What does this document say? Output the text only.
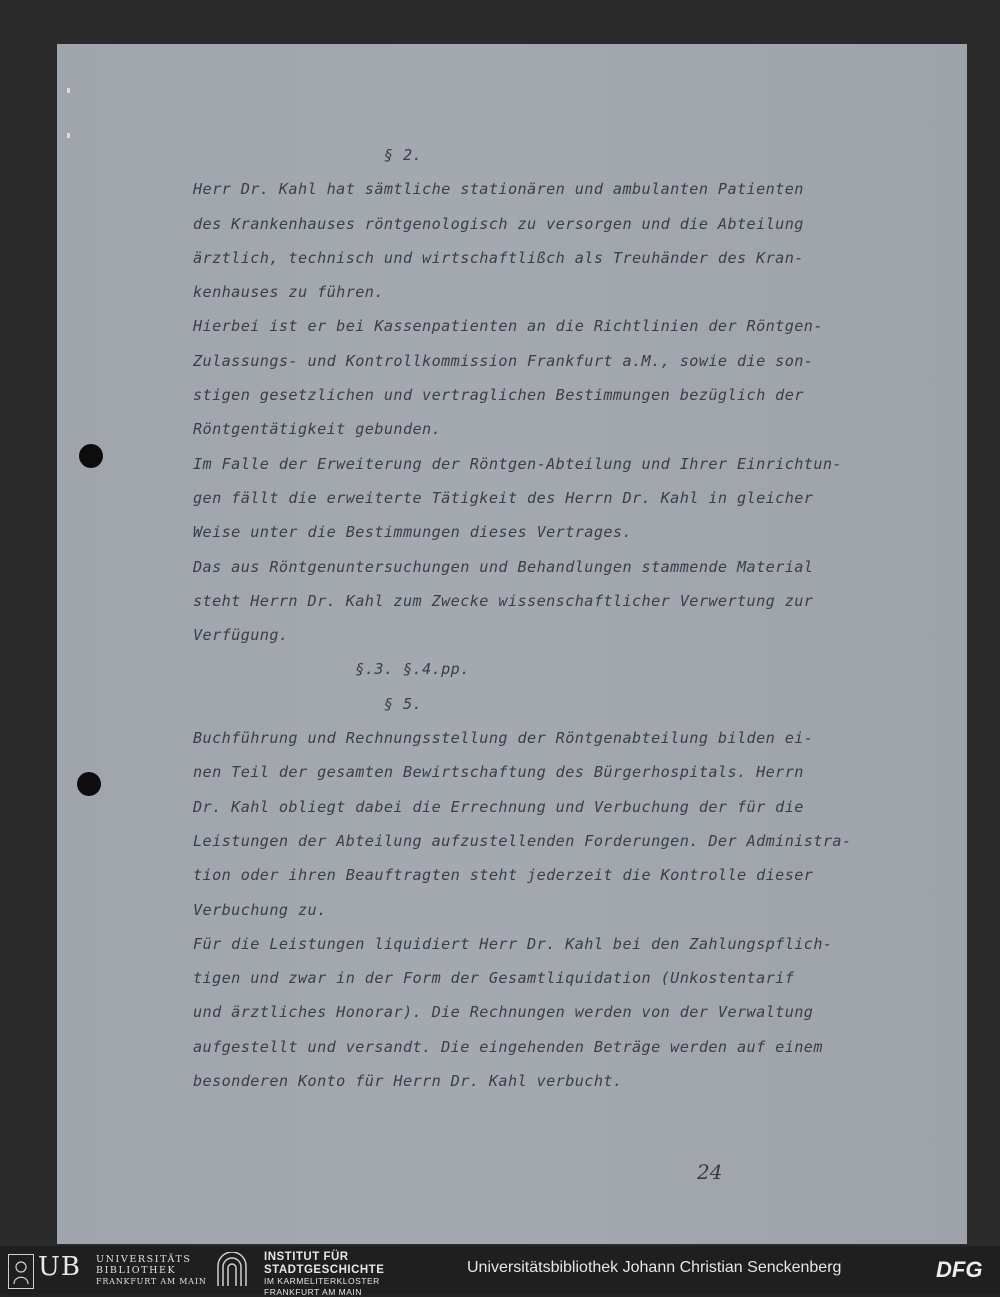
§ 2.
Herr Dr. Kahl hat sämtliche stationären und ambulanten Patienten
des Krankenhauses röntgenologisch zu versorgen und die Abteilung
ärztlich, technisch und wirtschaftlißch als Treuhänder des Kran-
kenhauses zu führen.
Hierbei ist er bei Kassenpatienten an die Richtlinien der Röntgen-
Zulassungs- und Kontrollkommission Frankfurt a.M., sowie die son-
stigen gesetzlichen und vertraglichen Bestimmungen bezüglich der
Röntgentätigkeit gebunden.
Im Falle der Erweiterung der Röntgen-Abteilung und Ihrer Einrichtun-
gen fällt die erweiterte Tätigkeit des Herrn Dr. Kahl in gleicher
Weise unter die Bestimmungen dieses Vertrages.
Das aus Röntgenuntersuchungen und Behandlungen stammende Material
steht Herrn Dr. Kahl zum Zwecke wissenschaftlicher Verwertung zur
Verfügung.
§.3. §.4.pp.
§ 5.
Buchführung und Rechnungsstellung der Röntgenabteilung bilden ei-
nen Teil der gesamten Bewirtschaftung des Bürgerhospitals. Herrn
Dr. Kahl obliegt dabei die Errechnung und Verbuchung der für die
Leistungen der Abteilung aufzustellenden Forderungen. Der Administra-
tion oder ihren Beauftragten steht jederzeit die Kontrolle dieser
Verbuchung zu.
Für die Leistungen liquidiert Herr Dr. Kahl bei den Zahlungspflich-
tigen und zwar in der Form der Gesamtliquidation (Unkostentarif
und ärztliches Honorar). Die Rechnungen werden von der Verwaltung
aufgestellt und versandt. Die eingehenden Beträge werden auf einem
besonderen Konto für Herrn Dr. Kahl verbucht.
24
UB UNIVERSITÄTS
BIBLIOTHEK
FRANKFURT AM MAIN
INSTITUT FÜR
STADTGESCHICHTE
IM KARMELITERKLOSTER
FRANKFURT AM MAIN
Universitätsbibliothek Johann Christian Senckenberg	DFG
